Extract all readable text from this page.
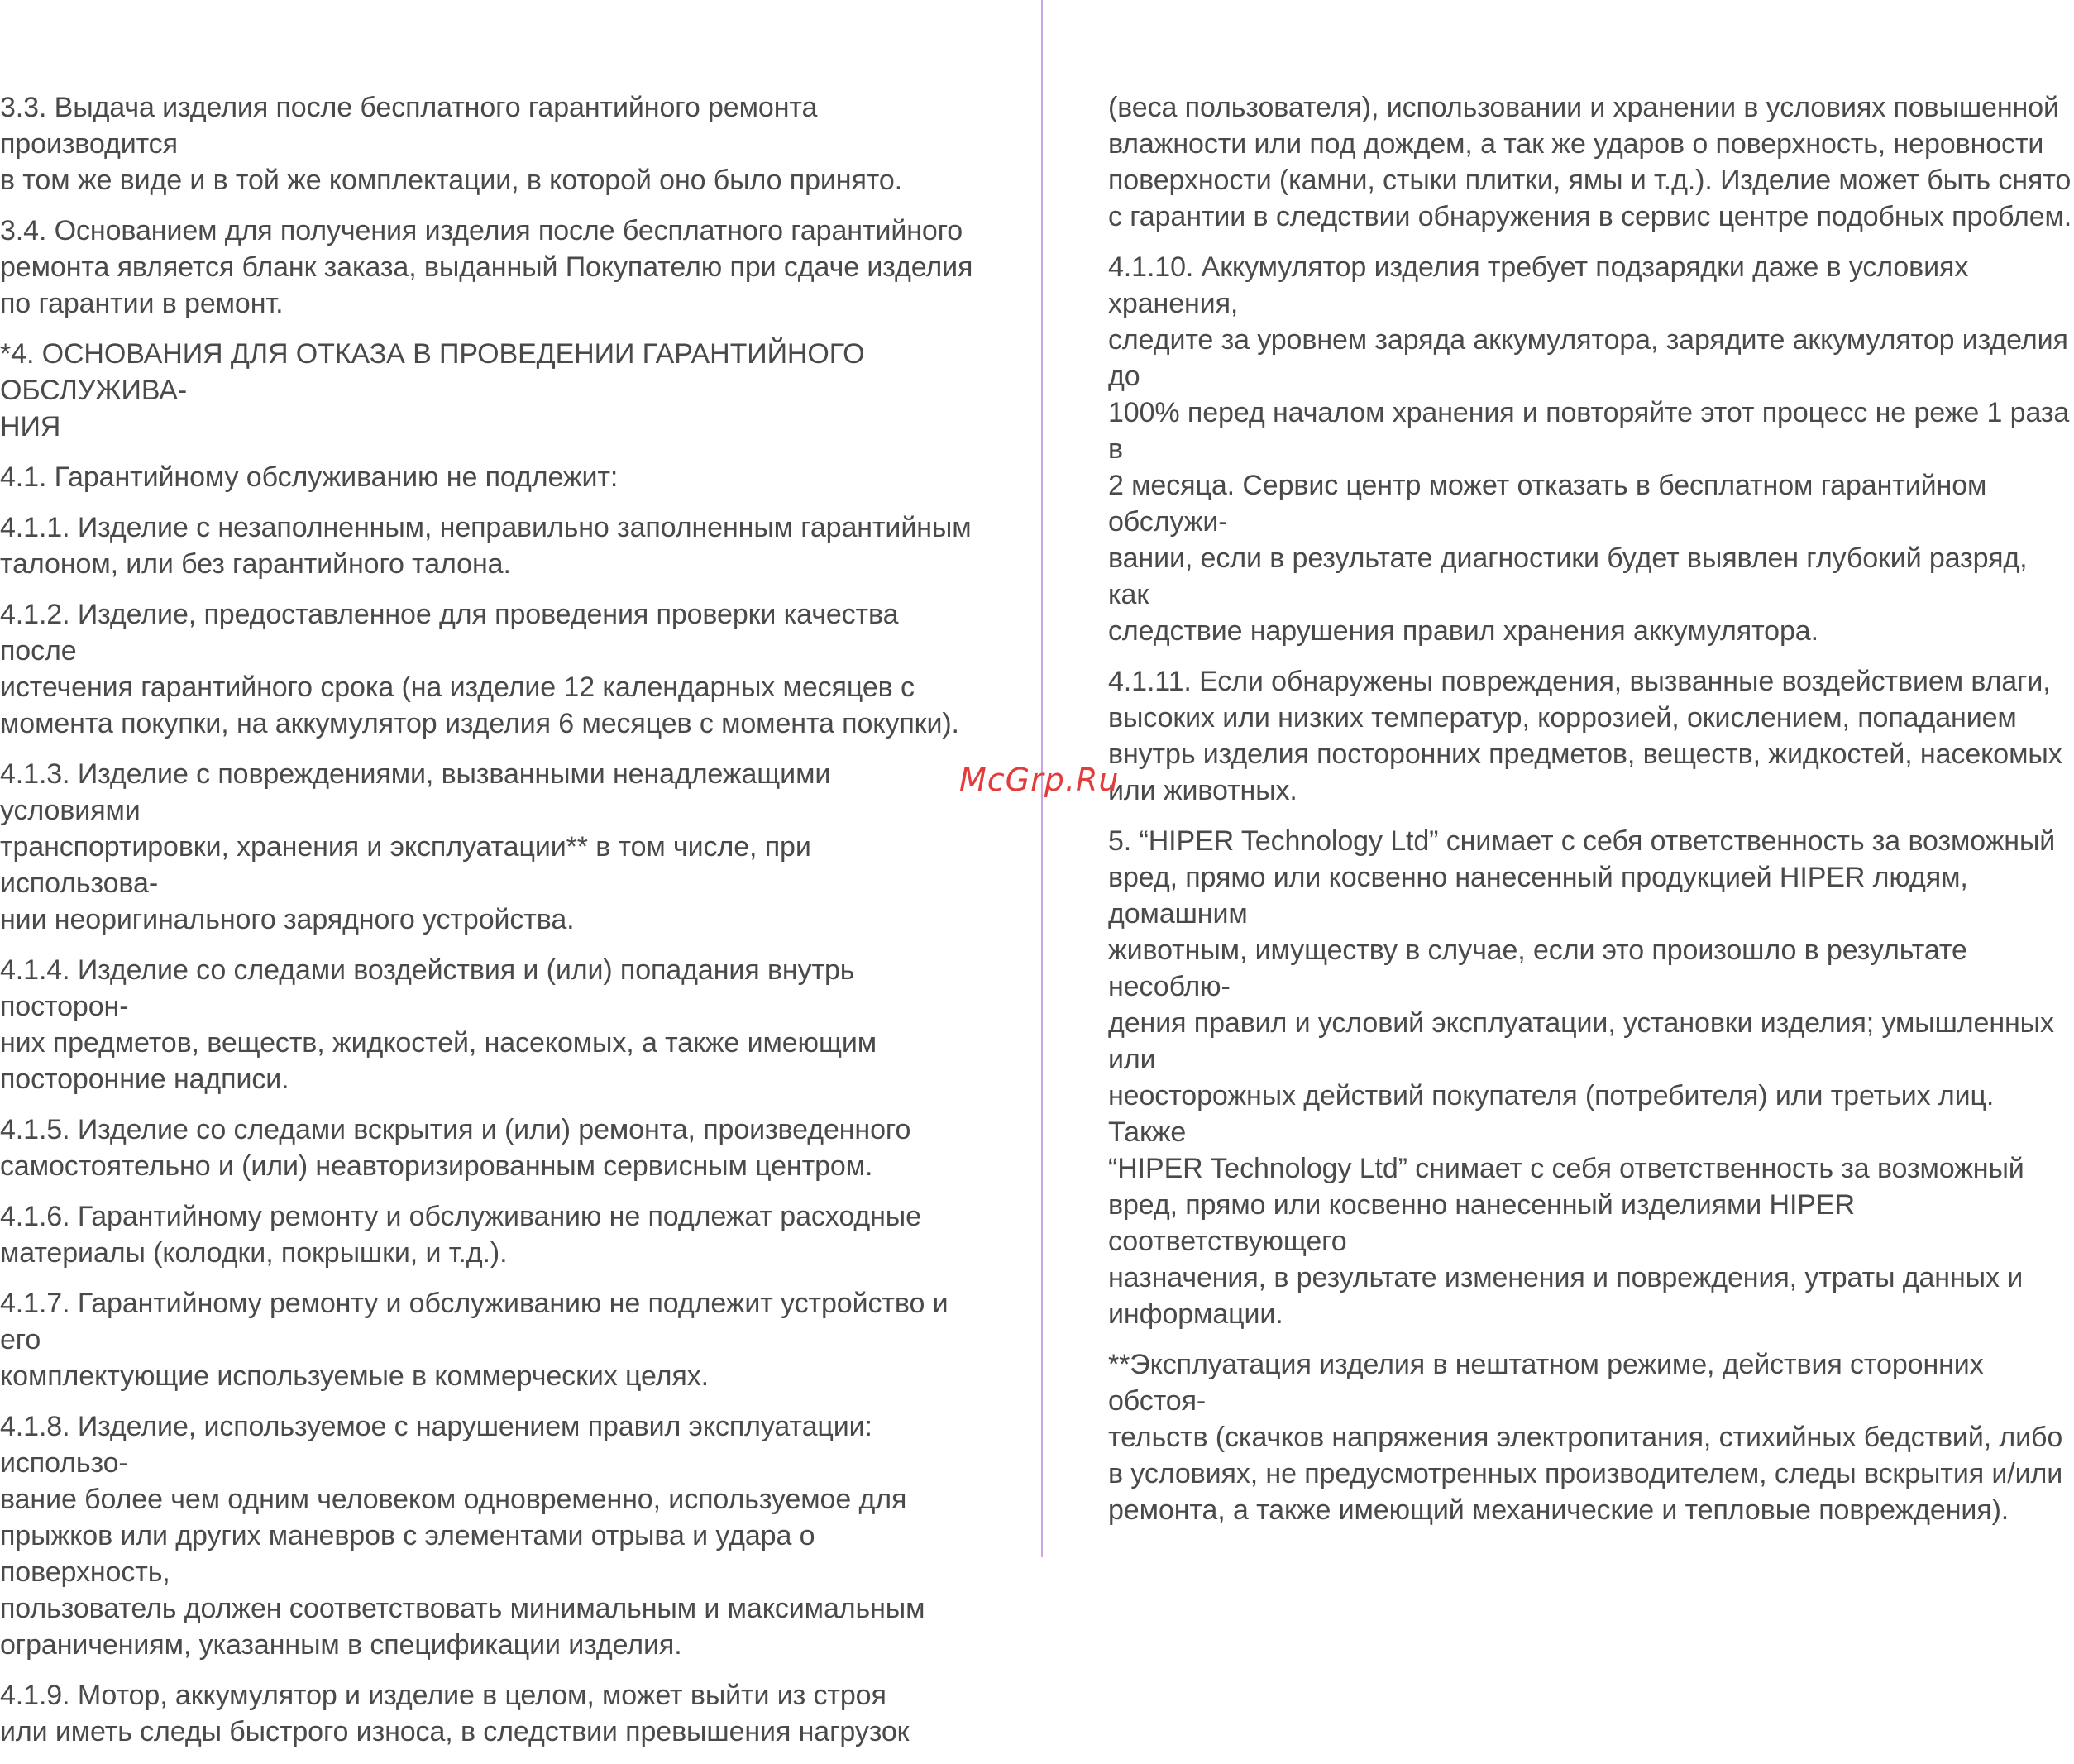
3.3. Выдача изделия после бесплатного гарантийного ремонта производится
в том же виде и в той же комплектации, в которой оно было принято.

3.4. Основанием для получения изделия после бесплатного гарантийного
ремонта является бланк заказа, выданный Покупателю при сдаче изделия
по гарантии в ремонт.

*4. ОСНОВАНИЯ ДЛЯ ОТКАЗА В ПРОВЕДЕНИИ ГАРАНТИЙНОГО ОБСЛУЖИВА-
НИЯ

4.1. Гарантийному обслуживанию не подлежит:

4.1.1. Изделие с незаполненным, неправильно заполненным гарантийным
талоном, или без гарантийного талона.

4.1.2. Изделие, предоставленное для проведения проверки качества после
истечения гарантийного срока (на изделие 12 календарных месяцев с
момента покупки, на аккумулятор изделия 6 месяцев с момента покупки).

4.1.3. Изделие с повреждениями, вызванными ненадлежащими условиями
транспортировки, хранения и эксплуатации** в том числе, при использова-
нии неоригинального зарядного устройства.

4.1.4. Изделие со следами воздействия и (или) попадания внутрь посторон-
них предметов, веществ, жидкостей, насекомых, а также имеющим
посторонние надписи.

4.1.5. Изделие со следами вскрытия и (или) ремонта, произведенного
самостоятельно и (или) неавторизированным сервисным центром.

4.1.6. Гарантийному ремонту и обслуживанию не подлежат расходные
материалы (колодки, покрышки, и т.д.).

4.1.7. Гарантийному ремонту и обслуживанию не подлежит устройство и его
комплектующие используемые в коммерческих целях.

4.1.8. Изделие, используемое с нарушением правил эксплуатации: использо-
вание более чем одним человеком одновременно, используемое для
прыжков или других маневров с элементами отрыва и удара о поверхность,
пользователь должен соответствовать минимальным и максимальным
ограничениям, указанным в спецификации изделия.

4.1.9. Мотор, аккумулятор и изделие в целом, может выйти из строя
или иметь следы быстрого износа, в следствии превышения нагрузок

(веса пользователя), использовании и хранении в условиях повышенной
влажности или под дождем, а так же ударов о поверхность, неровности
поверхности (камни, стыки плитки, ямы и т.д.). Изделие может быть снято
с гарантии в следствии обнаружения в сервис центре подобных проблем.

4.1.10. Аккумулятор изделия требует подзарядки даже в условиях хранения,
следите за уровнем заряда аккумулятора, зарядите аккумулятор изделия до
100% перед началом хранения и повторяйте этот процесс не реже 1 раза в
2 месяца. Сервис центр может отказать в бесплатном гарантийном обслужи-
вании, если в результате диагностики будет выявлен глубокий разряд, как
следствие нарушения правил хранения аккумулятора.

4.1.11. Если обнаружены повреждения, вызванные воздействием влаги,
высоких или низких температур, коррозией, окислением, попаданием
внутрь изделия посторонних предметов, веществ, жидкостей, насекомых
или животных.

5. “HIPER Technology Ltd” снимает с себя ответственность за возможный
вред, прямо или косвенно нанесенный продукцией HIPER людям, домашним
животным, имуществу в случае, если это произошло в результате несоблю-
дения правил и условий эксплуатации, установки изделия; умышленных или
неосторожных действий покупателя (потребителя) или третьих лиц. Также
“HIPER Technology Ltd” снимает с себя ответственность за возможный
вред, прямо или косвенно нанесенный изделиями HIPER соответствующего
назначения, в результате изменения и повреждения, утраты данных и
информации.

**Эксплуатация изделия в нештатном режиме, действия сторонних обстоя-
тельств (скачков напряжения электропитания, стихийных бедствий, либо
в условиях, не предусмотренных производителем, следы вскрытия и/или
ремонта, а также имеющий механические и тепловые повреждения).

McGrp.Ru
